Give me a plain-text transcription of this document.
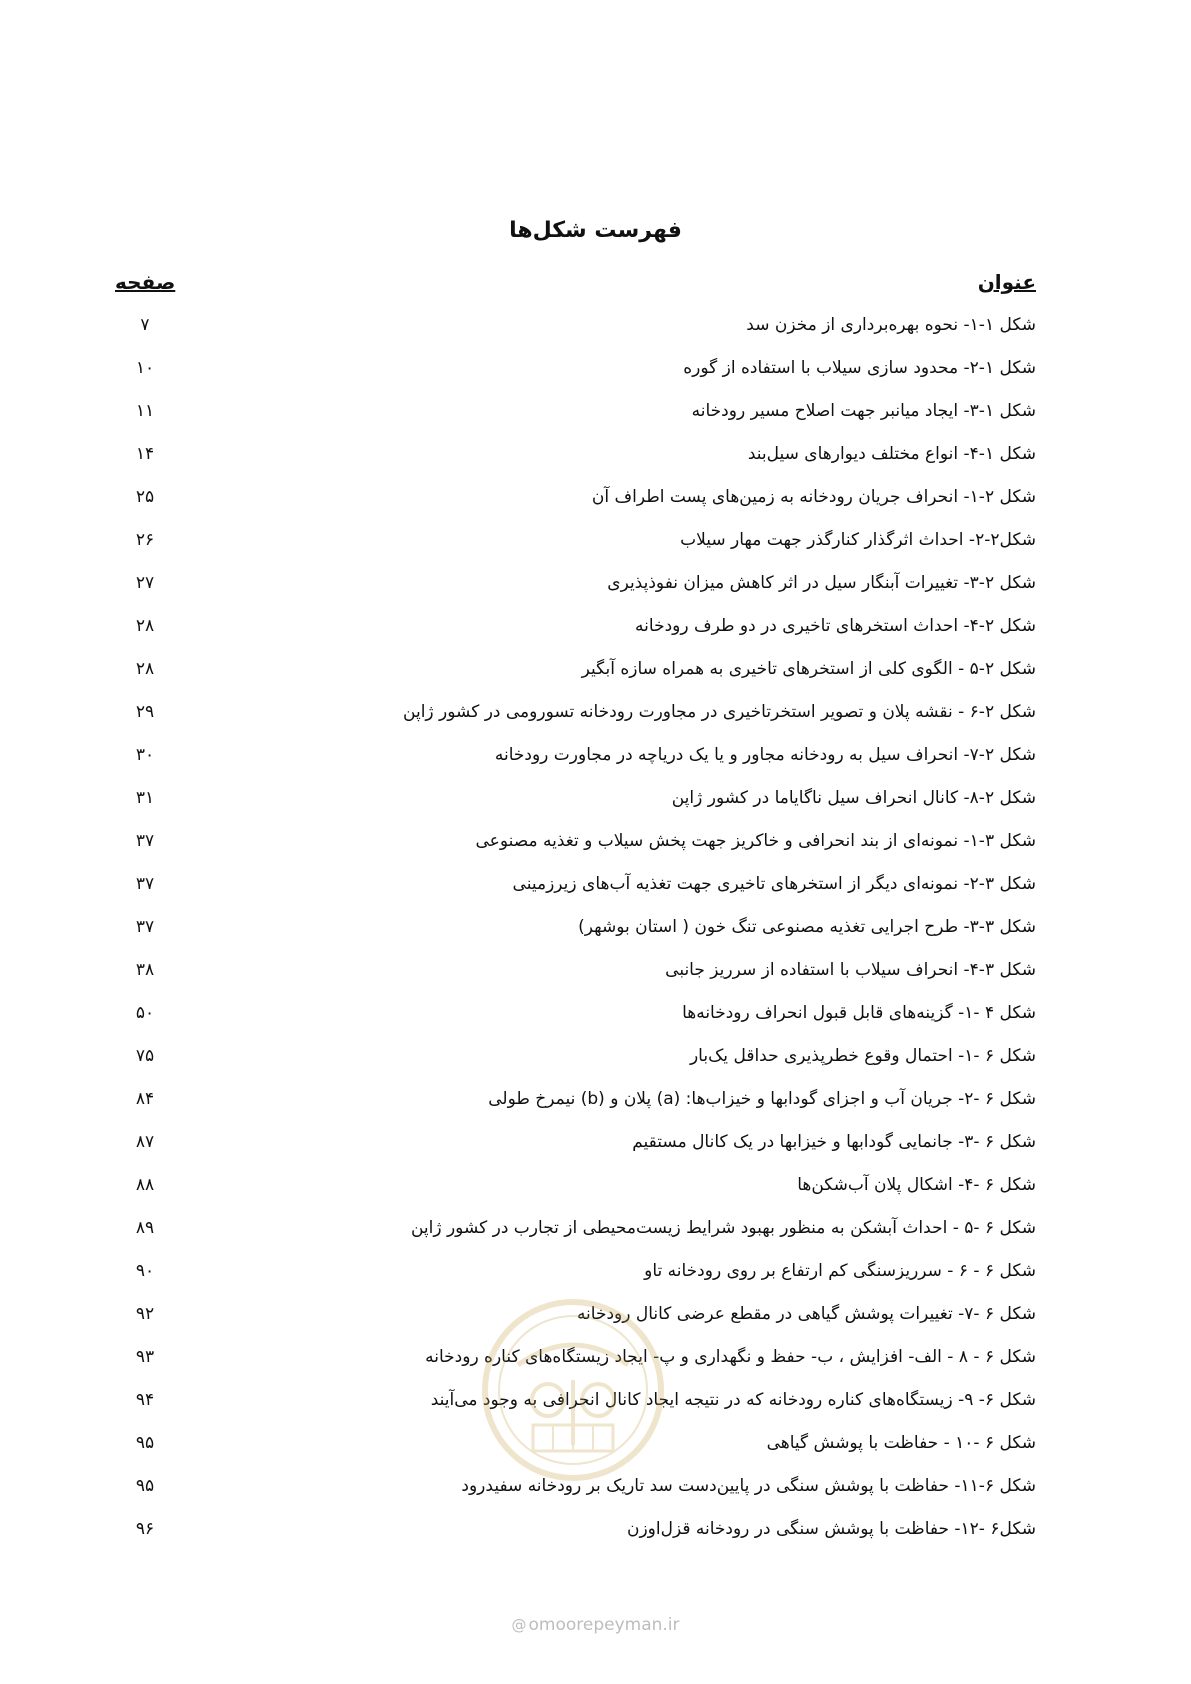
فهرست شکل‌ها
عنوان
صفحه
شکل ۱-۱- نحوه بهره‌برداری از مخزن سد
۷
شکل ۱-۲- محدود سازی سیلاب با استفاده از گوره
۱۰
شکل ۱-۳- ایجاد میانبر جهت اصلاح مسیر رودخانه
۱۱
شکل ۱-۴- انواع مختلف دیوارهای سیل‌بند
۱۴
شکل ۲-۱- انحراف جریان رودخانه به زمین‌های پست اطراف آن
۲۵
شکل۲-۲- احداث اثرگذار کنارگذر جهت مهار سیلاب
۲۶
شکل ۲-۳- تغییرات آبنگار سیل در اثر کاهش میزان نفوذپذیری
۲۷
شکل ۲-۴- احداث استخرهای تاخیری در دو طرف رودخانه
۲۸
شکل ۲-۵ - الگوی کلی از استخرهای تاخیری به همراه سازه آبگیر
۲۸
شکل ۲-۶ - نقشه پلان و تصویر استخرتاخیری در مجاورت رودخانه تسورومی در کشور ژاپن
۲۹
شکل ۲-۷- انحراف سیل به رودخانه مجاور و یا یک دریاچه در مجاورت رودخانه
۳۰
شکل ۲-۸- کانال انحراف سیل ناگایاما در کشور ژاپن
۳۱
شکل ۳-۱- نمونه‌ای از بند انحرافی و خاکریز جهت پخش سیلاب و تغذیه مصنوعی
۳۷
شکل ۳-۲- نمونه‌ای دیگر از استخرهای تاخیری جهت تغذیه آب‌های زیرزمینی
۳۷
شکل ۳-۳- طرح اجرایی تغذیه مصنوعی تنگ خون ( استان بوشهر)
۳۷
شکل ۳-۴- انحراف سیلاب با استفاده از سرریز جانبی
۳۸
شکل ۴ -۱- گزینه‌های قابل قبول انحراف رودخانه‌ها
۵۰
شکل ۶ -۱- احتمال وقوع خطرپذیری حداقل یک‌بار
۷۵
شکل ۶ -۲- جریان آب و اجزای گودابها و خیزاب‌ها: (a) پلان و (b) نیمرخ طولی
۸۴
شکل ۶ -۳- جانمایی گودابها و خیزابها در یک کانال مستقیم
۸۷
شکل ۶ -۴- اشکال پلان آب‌شکن‌ها
۸۸
شکل ۶ -۵ - احداث آبشکن به منظور بهبود شرایط زیست‌محیطی از تجارب در کشور ژاپن
۸۹
شکل ۶ - ۶ - سرریزسنگی کم ارتفاع بر روی رودخانه تاو
۹۰
شکل ۶ -۷- تغییرات پوشش گیاهی در مقطع عرضی کانال رودخانه
۹۲
شکل ۶ - ۸ - الف- افزایش ، ب- حفظ و نگهداری و پ- ایجاد زیستگاه‌های کناره رودخانه
۹۳
شکل ۶- ۹- زیستگاه‌های کناره رودخانه که در نتیجه ایجاد کانال انحرافی به وجود می‌آیند
۹۴
شکل ۶ -۱۰ - حفاظت با پوشش گیاهی
۹۵
شکل ۶-۱۱- حفاظت با پوشش سنگی در پایین‌دست سد تاریک بر رودخانه سفیدرود
۹۵
شکل۶ -۱۲- حفاظت با پوشش سنگی در رودخانه قزل‌اوزن
۹۶
@ omoorepeyman.ir
